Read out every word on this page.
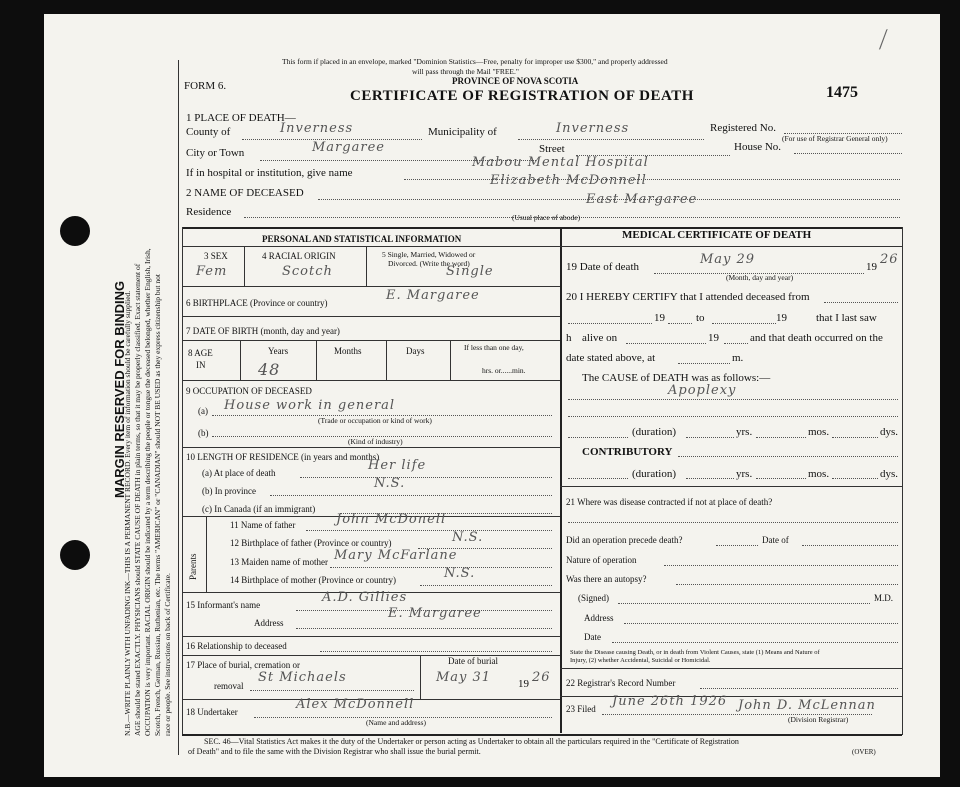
⟋
MARGIN RESERVED FOR BINDING
N.B.—WRITE PLAINLY WITH UNFADING INK—THIS IS A PERMANENT RECORD. Every item of information should be carefully supplied. AGE should be stated EXACTLY. PHYSICIANS should STATE CAUSE OF DEATH in plain terms, so that it may be properly classified. Exact statement of OCCUPATION is very important. RACIAL ORIGIN should be indicated by a term describing the people or tongue the deceased belonged, whether English, Irish, Scotch, French, German, Russian, Ruthenian, etc. The terms "AMERICAN" or "CANADIAN" should NOT BE USED as they express citizenship but not race or people. See instructions on back of Certificate.
This form if placed in an envelope, marked "Dominion Statistics—Free, penalty for improper use $300," and properly addressed
will pass through the Mail "FREE."
PROVINCE OF NOVA SCOTIA
FORM 6.
CERTIFICATE OF REGISTRATION OF DEATH	1475
1 PLACE OF DEATH—
County of	Inverness	Municipality of	Inverness	Registered No.
(For use of Registrar General only)
City or Town	Margaree	Street	House No.
If in hospital or institution, give name
Mabou Mental Hospital
2 NAME OF DECEASED
Elizabeth McDonnell
Residence
East Margaree
(Usual place of abode)
PERSONAL AND STATISTICAL INFORMATION
3 SEX
Fem
4 RACIAL ORIGIN
Scotch
5 Single, Married, Widowed or
Divorced. (Write the word)
Single
6 BIRTHPLACE (Province or country)	E. Margaree
7 DATE OF BIRTH (month, day and year)
8 AGE
IN
Years	Months	Days	If less than one day,
hrs. or......min.
48
9 OCCUPATION OF DECEASED
(a) House work in general
(Trade or occupation or kind of work)
(b)
(Kind of industry)
10 LENGTH OF RESIDENCE (in years and months)
(a) At place of death	Her life
(b) In province	N.S.
(c) In Canada (if an immigrant)
Parents
11 Name of father	John McDonell
12 Birthplace of father (Province or country)	N.S.
13 Maiden name of mother Mary McFarlane
14 Birthplace of mother (Province or country)	N.S.
15 Informant's name	A.D. Gillies
Address
E. Margaree
16 Relationship to deceased
17 Place of burial, cremation or
removal
St Michaels
Date of burial
May 31 19 26
18 Undertaker	Alex McDonnell
(Name and address)
MEDICAL CERTIFICATE OF DEATH
19 Date of death	May 29
(Month, day and year)
19 26
20 I HEREBY CERTIFY that I attended deceased from
19	to	19	that I last saw
h alive on	19	and that death occurred on the
date stated above, at	m.
The CAUSE of DEATH was as follows:—
Apoplexy
(duration)	yrs.	mos.	dys.
CONTRIBUTORY
(duration)	yrs.	mos.	dys.
21 Where was disease contracted if not at place of death?
Did an operation precede death?	Date of
Nature of operation
Was there an autopsy?
(Signed)	M.D.
Address
Date
State the Disease causing Death, or in death from Violent Causes, state (1) Means and Nature of
Injury, (2) whether Accidental, Suicidal or Homicidal.
22 Registrar's Record Number
23 Filed June 26th 1926 John D. McLennan
(Division Registrar)
SEC. 46—Vital Statistics Act makes it the duty of the Undertaker or person acting as Undertaker to obtain all the particulars required in the "Certificate of Registration
of Death" and to file the same with the Division Registrar who shall issue the burial permit.	(OVER)
